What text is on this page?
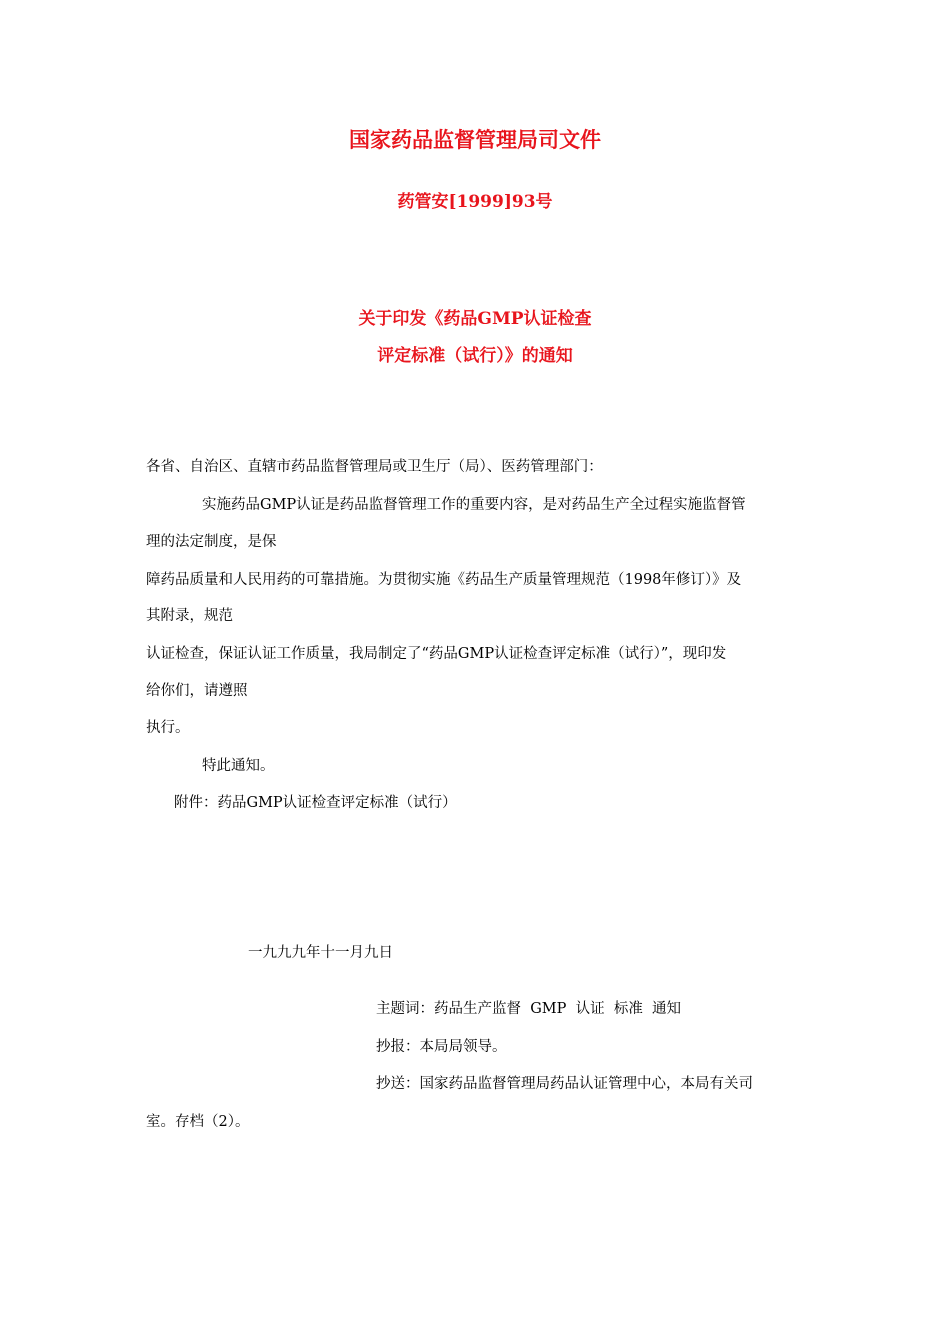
国家药品监督管理局司文件
药管安[1999]93号
关于印发《药品GMP认证检查
评定标准（试行）》的通知
各省、自治区、直辖市药品监督管理局或卫生厅（局）、医药管理部门：
实施药品GMP认证是药品监督管理工作的重要内容，是对药品生产全过程实施监督管
理的法定制度，是保
障药品质量和人民用药的可靠措施。为贯彻实施《药品生产质量管理规范（1998年修订）》及
其附录，规范
认证检查，保证认证工作质量，我局制定了“药品GMP认证检查评定标准（试行）”，现印发
给你们，请遵照
执行。
特此通知。
附件：药品GMP认证检查评定标准（试行）
一九九九年十一月九日
主题词：药品生产监督  GMP  认证  标准  通知
抄报：本局局领导。
抄送：国家药品监督管理局药品认证管理中心，本局有关司
室。存档（2）。
